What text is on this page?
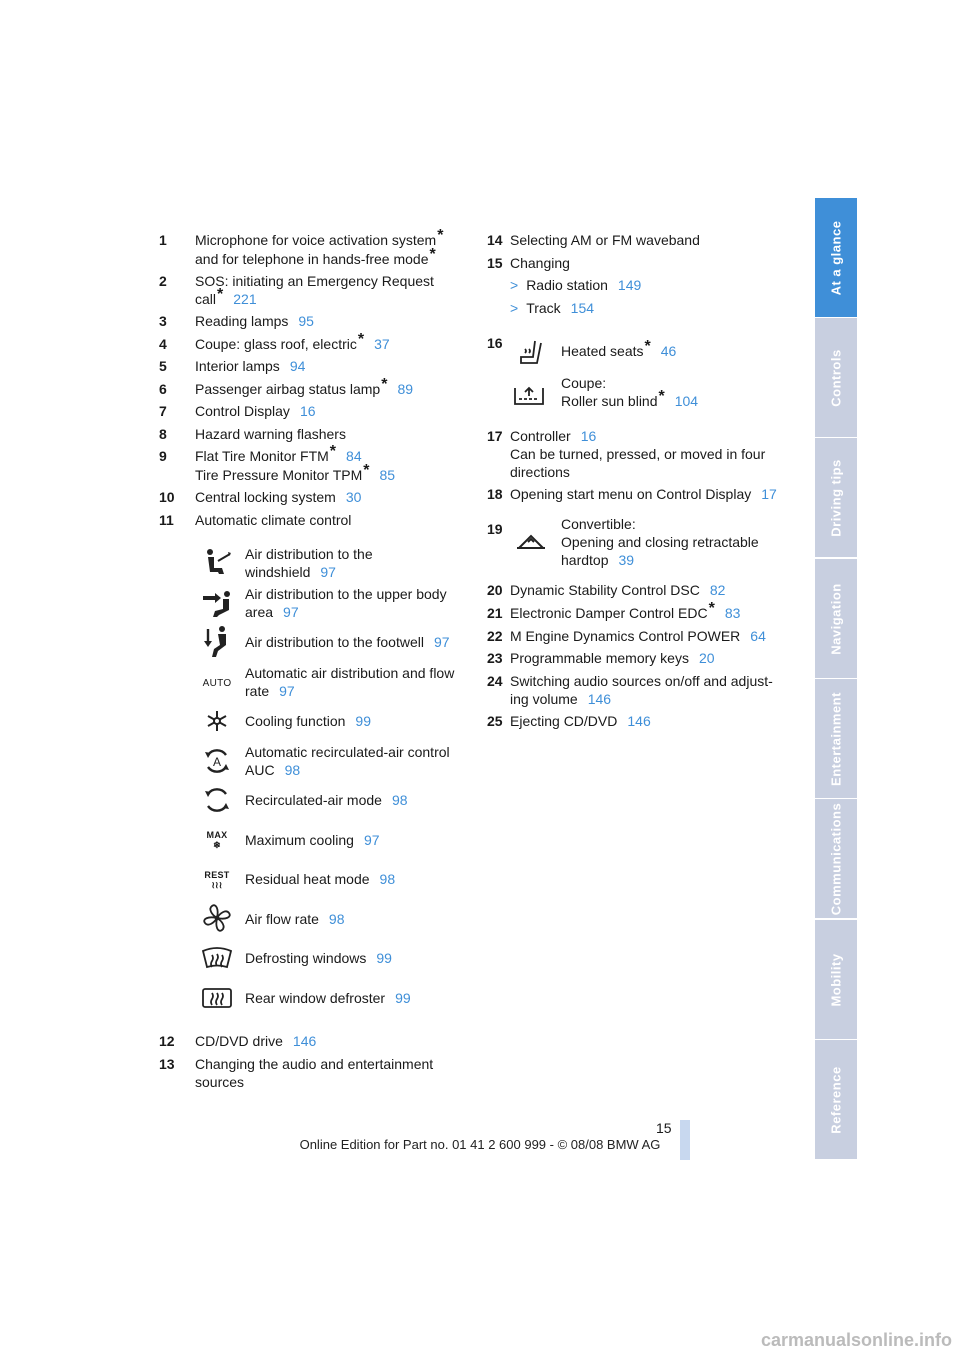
1 Microphone for voice activation system*
and for telephone in hands-free mode*
2 SOS: initiating an Emergency Request
call* 221
3 Reading lamps 95
4 Coupe: glass roof, electric* 37
5 Interior lamps 94
6 Passenger airbag status lamp* 89
7 Control Display 16
8 Hazard warning flashers
9 Flat Tire Monitor FTM* 84
Tire Pressure Monitor TPM* 85
10 Central locking system 30
11 Automatic climate control
Air distribution to the
windshield 97
Air distribution to the upper body
area 97
Air distribution to the footwell 97
AUTO
Automatic air distribution and flow
rate 97
Cooling function 99
A
Automatic recirculated-air control
AUC 98
Recirculated-air mode 98
MAX
❄	Maximum cooling 97
REST
≀≀≀	Residual heat mode 98
Air flow rate 98
Defrosting windows 99
Rear window defroster 99
12 CD/DVD drive 146
13 Changing the audio and entertainment
sources
14 Selecting AM or FM waveband
15 Changing
> Radio station 149
> Track 154
16	Heated seats* 46
Coupe:
Roller sun blind* 104
17 Controller 16
Can be turned, pressed, or moved in four
directions
18 Opening start menu on Control Display 17
19	Convertible:
Opening and closing retractable
hardtop 39
20 Dynamic Stability Control DSC 82
21 Electronic Damper Control EDC* 83
22 M Engine Dynamics Control POWER 64
23 Programmable memory keys 20
24 Switching audio sources on/off and adjust-
ing volume 146
25 Ejecting CD/DVD 146
At a glance
Controls
Driving tips
Navigation
Entertainment
Communications
Mobility
Reference
15
Online Edition for Part no. 01 41 2 600 999 - © 08/08 BMW AG
carmanualsonline.info
